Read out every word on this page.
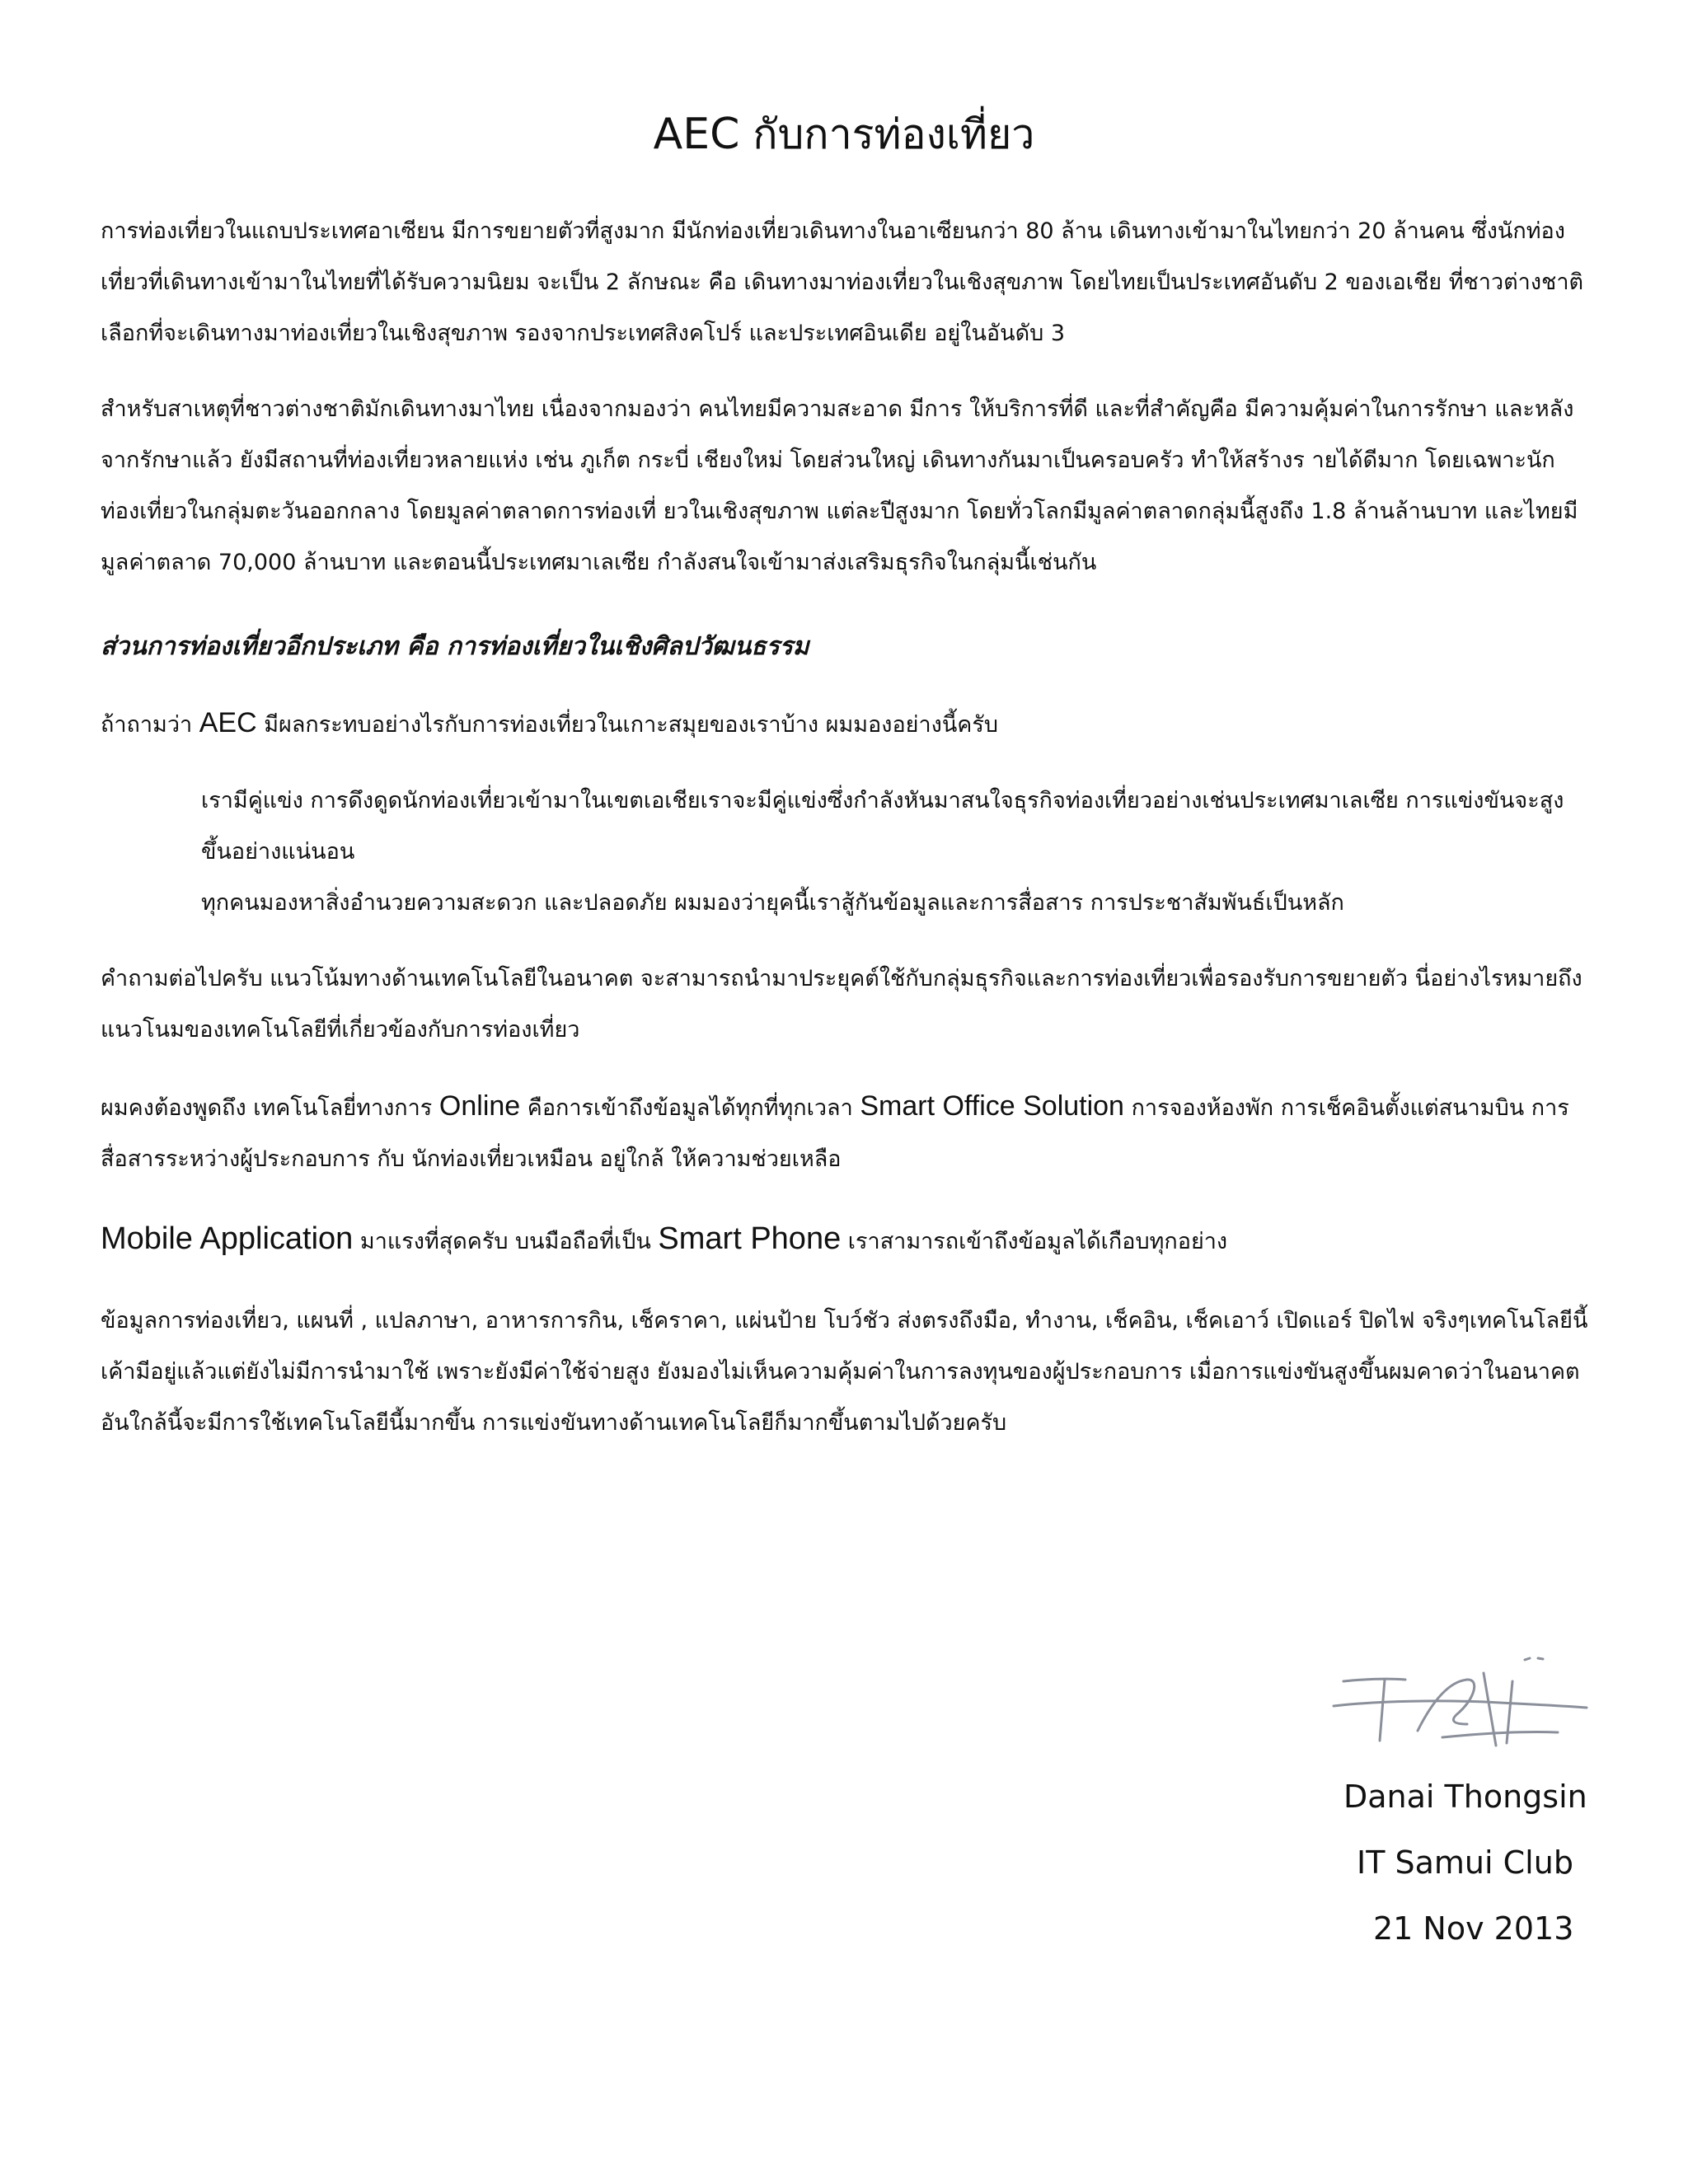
AEC กับการท่องเที่ยว

การท่องเที่ยวในแถบประเทศอาเซียน มีการขยายตัวที่สูงมาก มีนักท่องเที่ยวเดินทางในอาเซียนกว่า 80 ล้าน เดินทางเข้ามาในไทยกว่า 20 ล้านคน ซึ่งนักท่องเที่ยวที่เดินทางเข้ามาในไทยที่ได้รับความนิยม จะเป็น 2 ลักษณะ คือ เดินทางมาท่องเที่ยวในเชิงสุขภาพ โดยไทยเป็นประเทศอันดับ 2 ของเอเชีย ที่ชาวต่างชาติเลือกที่จะเดินทางมาท่องเที่ยวในเชิงสุขภาพ รองจากประเทศสิงคโปร์ และประเทศอินเดีย อยู่ในอันดับ 3

สำหรับสาเหตุที่ชาวต่างชาติมักเดินทางมาไทย เนื่องจากมองว่า คนไทยมีความสะอาด มีการ ให้บริการที่ดี และที่สำคัญคือ มีความคุ้มค่าในการรักษา และหลังจากรักษาแล้ว ยังมีสถานที่ท่องเที่ยวหลายแห่ง เช่น ภูเก็ต กระบี่ เชียงใหม่ โดยส่วนใหญ่ เดินทางกันมาเป็นครอบครัว ทำให้สร้างร ายได้ดีมาก โดยเฉพาะนักท่องเที่ยวในกลุ่มตะวันออกกลาง โดยมูลค่าตลาดการท่องเที่ ยวในเชิงสุขภาพ แต่ละปีสูงมาก โดยทั่วโลกมีมูลค่าตลาดกลุ่มนี้สูงถึง 1.8 ล้านล้านบาท และไทยมีมูลค่าตลาด 70,000 ล้านบาท และตอนนี้ประเทศมาเลเซีย กำลังสนใจเข้ามาส่งเสริมธุรกิจในกลุ่มนี้เช่นกัน

ส่วนการท่องเที่ยวอีกประเภท คือ การท่องเที่ยวในเชิงศิลปวัฒนธรรม

ถ้าถามว่า AEC มีผลกระทบอย่างไรกับการท่องเที่ยวในเกาะสมุยของเราบ้าง ผมมองอย่างนี้ครับ

เรามีคู่แข่ง การดึงดูดนักท่องเที่ยวเข้ามาในเขตเอเชียเราจะมีคู่แข่งซึ่งกำลังหันมาสนใจธุรกิจท่องเที่ยวอย่างเช่นประเทศมาเลเซีย การแข่งขันจะสูงขึ้นอย่างแน่นอน

ทุกคนมองหาสิ่งอำนวยความสะดวก และปลอดภัย ผมมองว่ายุคนี้เราสู้กันข้อมูลและการสื่อสาร การประชาสัมพันธ์เป็นหลัก

คำถามต่อไปครับ แนวโน้มทางด้านเทคโนโลยีในอนาคต จะสามารถนำมาประยุคต์ใช้กับกลุ่มธุรกิจและการท่องเที่ยวเพื่อรองรับการขยายตัว นี่อย่างไรหมายถึงแนวโนมของเทคโนโลยีที่เกี่ยวข้องกับการท่องเที่ยว

ผมคงต้องพูดถึง เทคโนโลยี่ทางการ Online คือการเข้าถึงข้อมูลได้ทุกที่ทุกเวลา Smart Office Solution การจองห้องพัก การเช็คอินตั้งแต่สนามบิน การสื่อสารระหว่างผู้ประกอบการ กับ นักท่องเที่ยวเหมือน อยู่ใกล้ ให้ความช่วยเหลือ

Mobile Application มาแรงที่สุดครับ บนมือถือที่เป็น Smart Phone เราสามารถเข้าถึงข้อมูลได้เกือบทุกอย่าง

ข้อมูลการท่องเที่ยว, แผนที่ , แปลภาษา, อาหารการกิน, เช็คราคา, แผ่นป้าย โบว์ชัว ส่งตรงถึงมือ, ทำงาน, เช็คอิน, เช็คเอาว์ เปิดแอร์ ปิดไฟ จริงๆเทคโนโลยีนี้เค้ามีอยู่แล้วแต่ยังไม่มีการนำมาใช้ เพราะยังมีค่าใช้จ่ายสูง ยังมองไม่เห็นความคุ้มค่าในการลงทุนของผู้ประกอบการ เมื่อการแข่งขันสูงขึ้นผมคาดว่าในอนาคตอันใกล้นี้จะมีการใช้เทคโนโลยีนี้มากขึ้น การแข่งขันทางด้านเทคโนโลยีก็มากขึ้นตามไปด้วยครับ

Danai Thongsin
IT Samui Club
21 Nov 2013
